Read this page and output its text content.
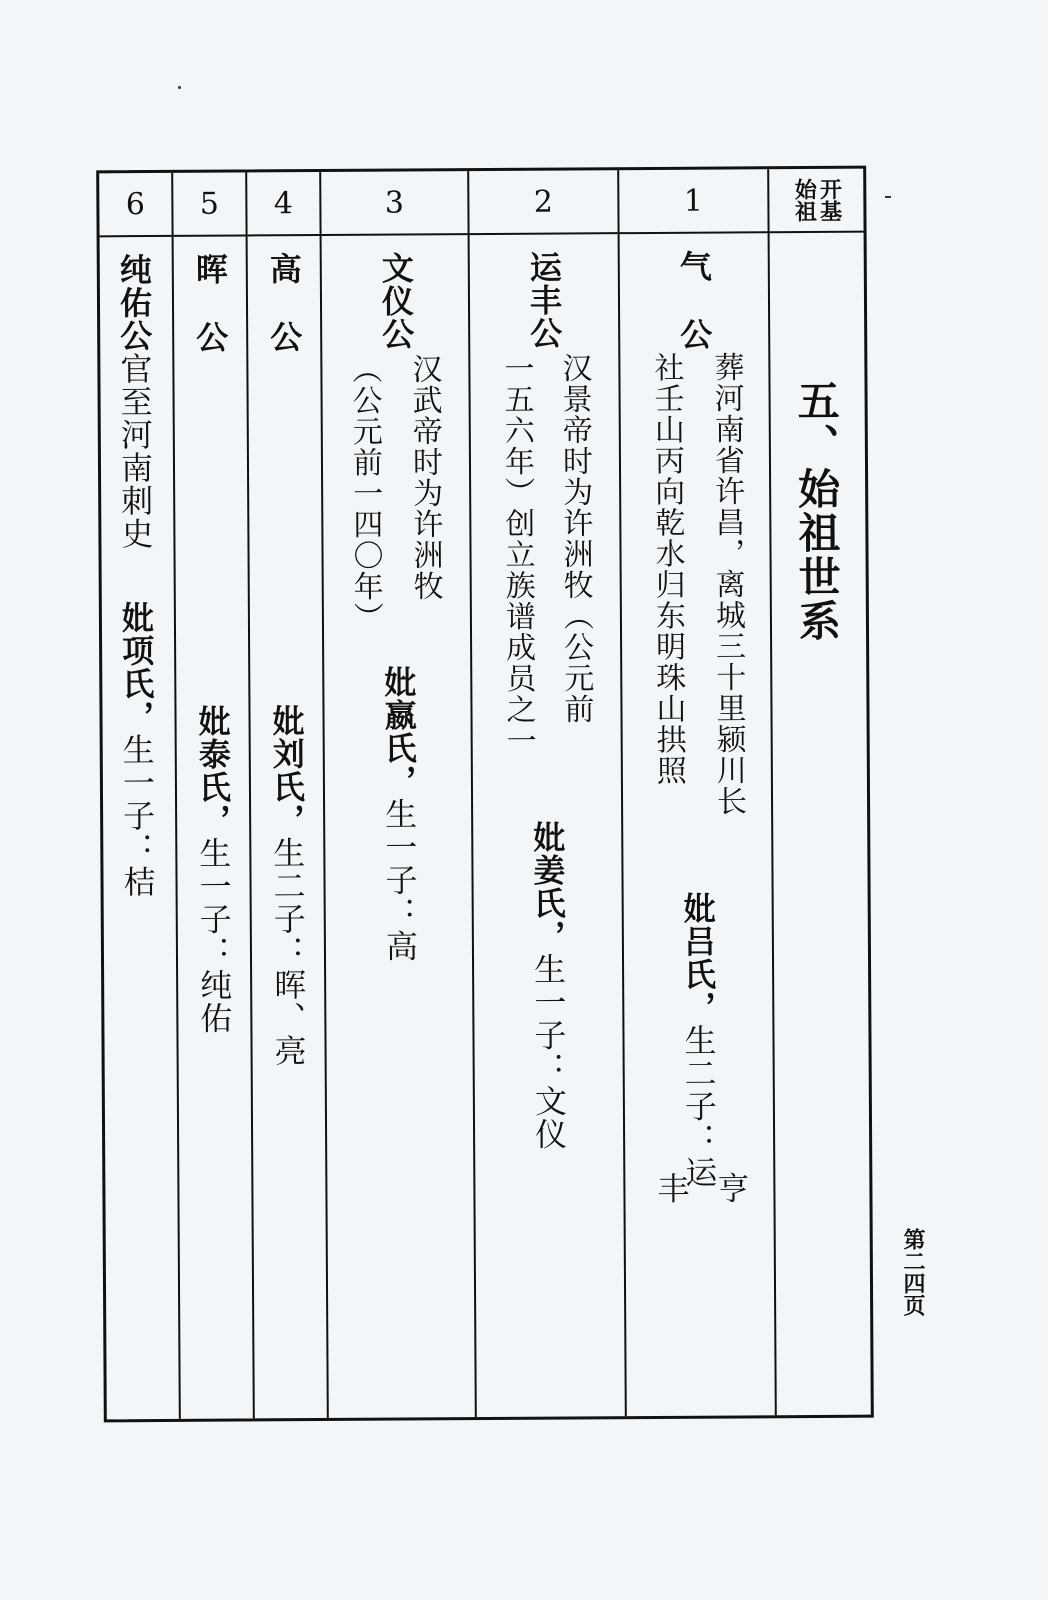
6
纯佑公官至河南刺史
妣项氏，生一子：桔
5
晖公
妣泰氏，生一子：纯佑
4
高公
妣刘氏，生二子：晖、亮
3
文仪公
汉武帝时为许洲牧
（公元前一四〇年）
妣嬴氏，生一子：高
2
运丰公
汉景帝时为许洲牧（公元前
一五六年）创立族谱成员之一
妣姜氏，生一子：文仪
1
气公
葬河南省许昌，离城三十里颍川长
社壬山丙向乾水归东明珠山拱照
妣吕氏，生二子：运
丰 亨
开基
始祖
五、始祖世系
第二四页
